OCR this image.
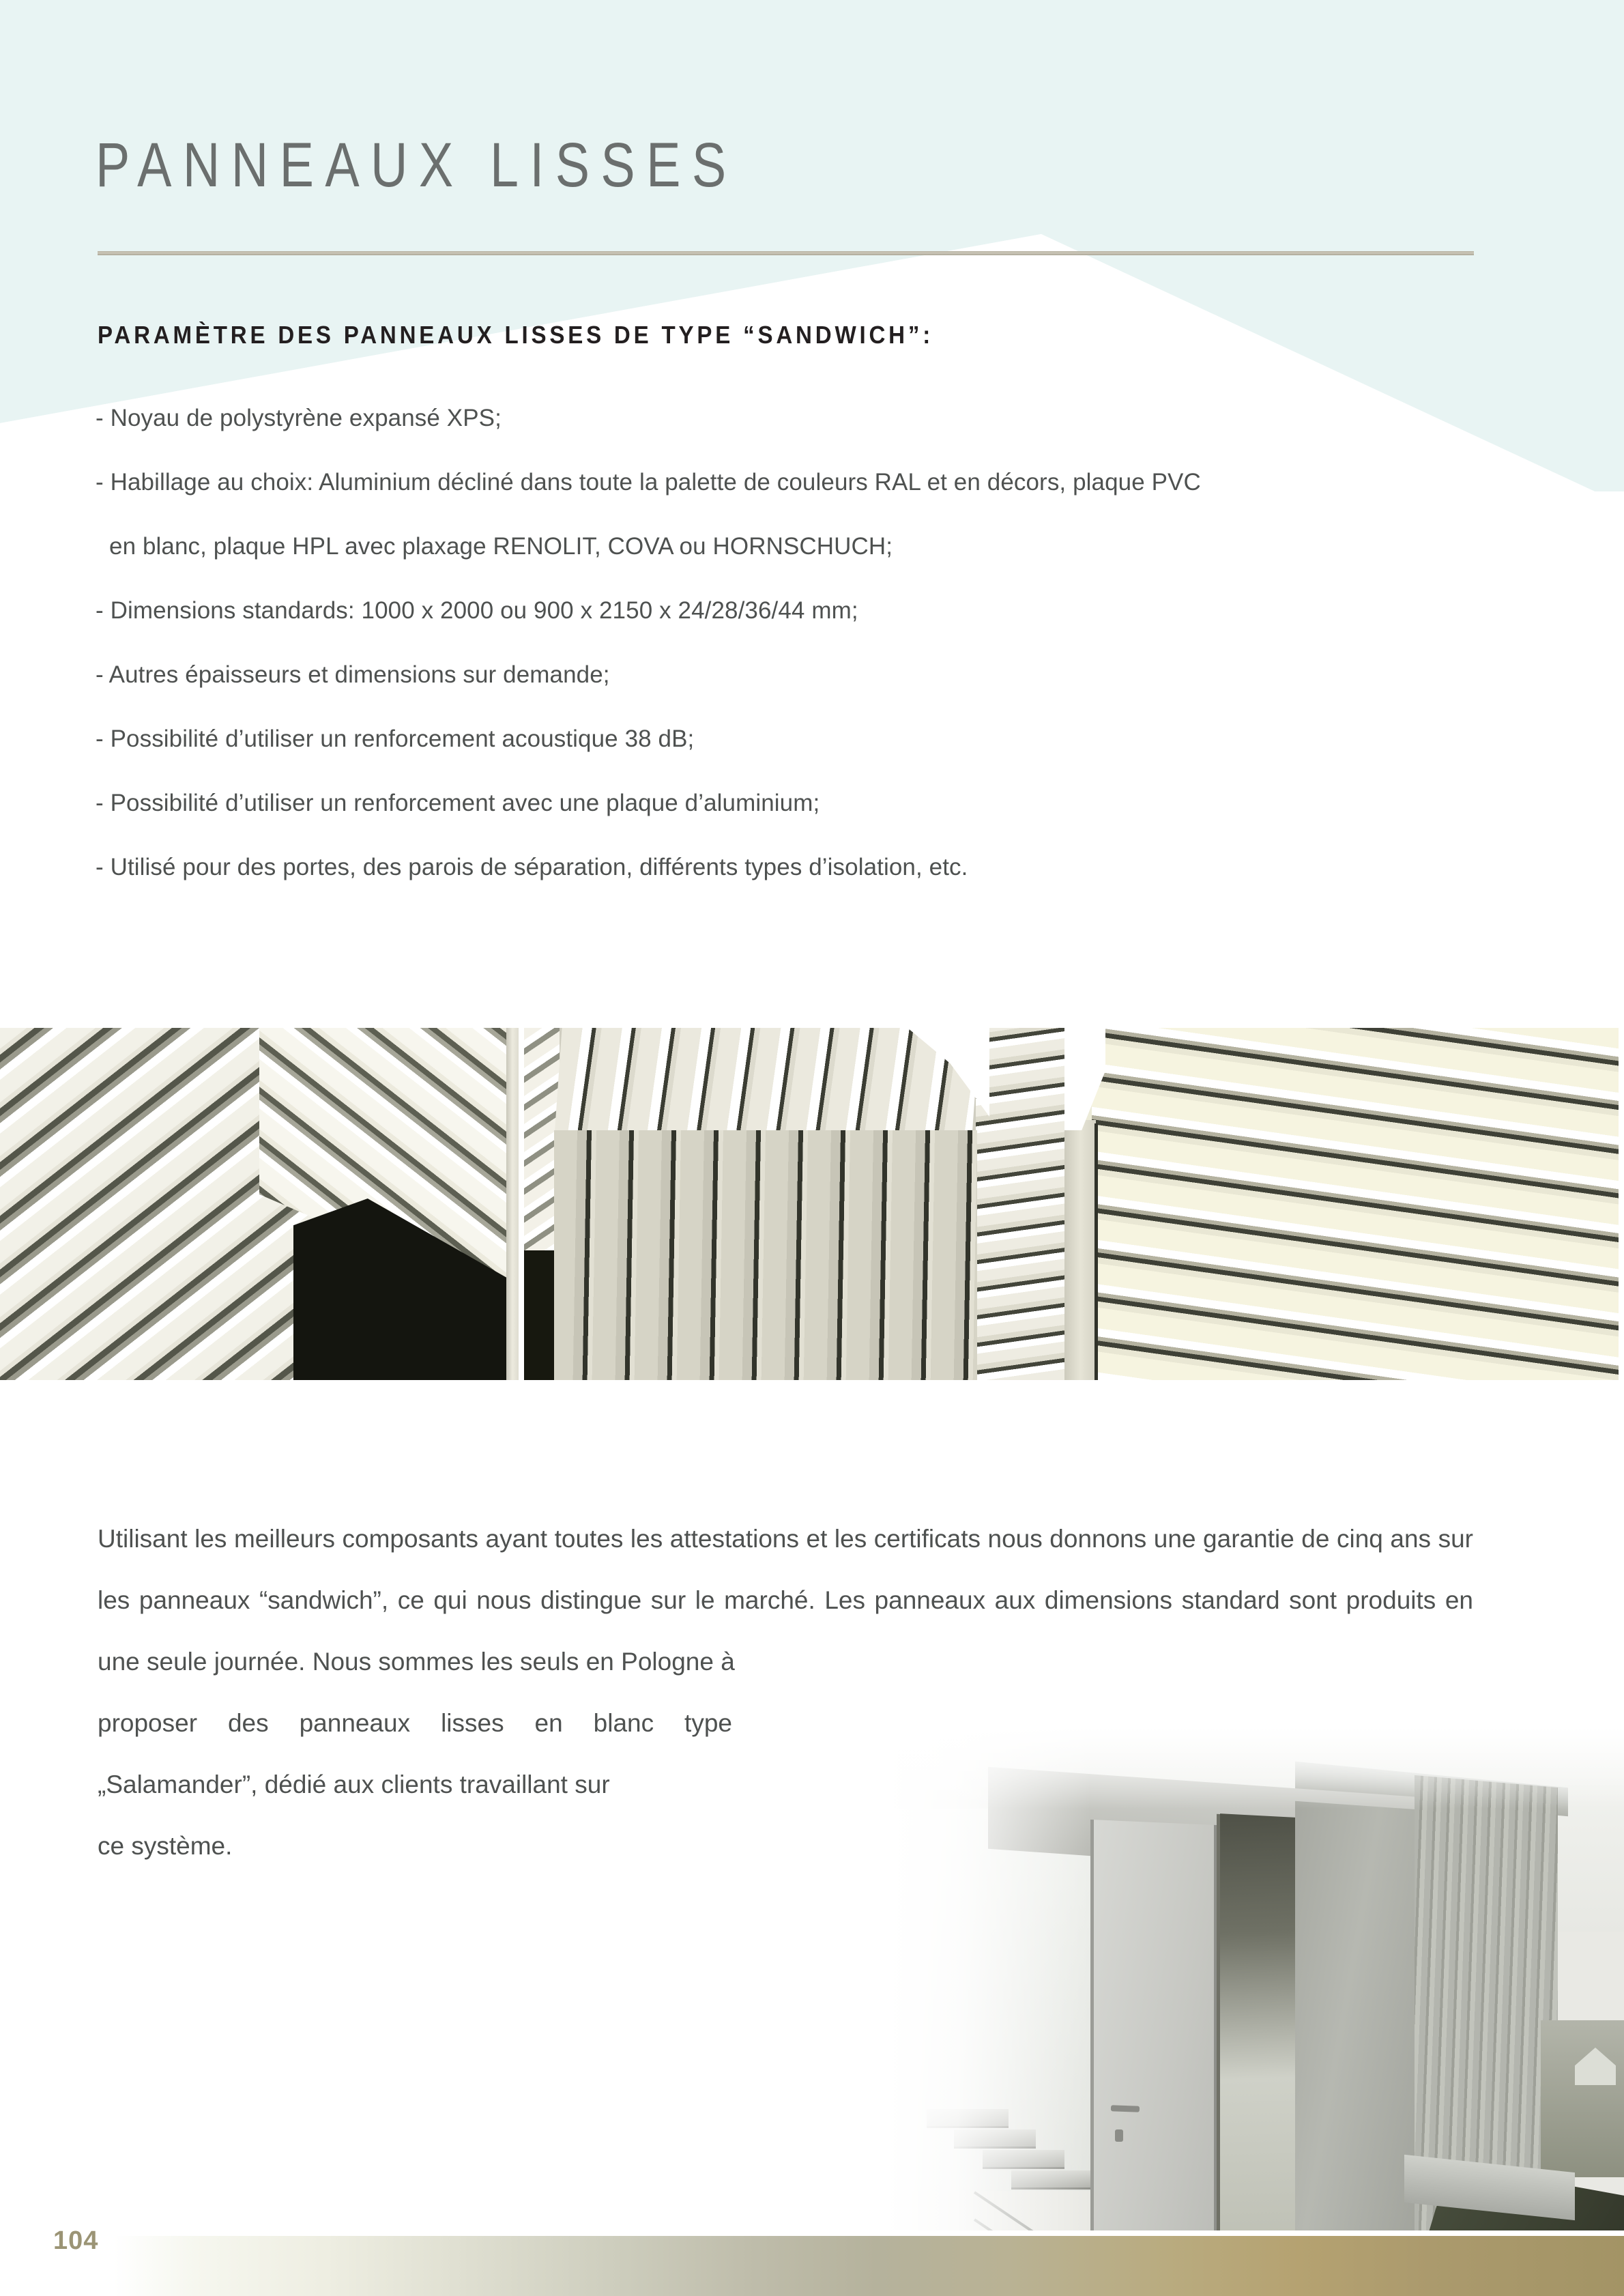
PANNEAUX LISSES
PARAMÈTRE DES PANNEAUX LISSES DE TYPE “SANDWICH”:
- Noyau de polystyrène expansé XPS;
- Habillage au choix: Aluminium décliné dans toute la palette de couleurs RAL et en décors, plaque PVC
en blanc, plaque HPL avec plaxage RENOLIT, COVA ou HORNSCHUCH;
- Dimensions standards: 1000 x 2000 ou 900 x 2150 x 24/28/36/44 mm;
- Autres épaisseurs et dimensions sur demande;
- Possibilité d’utiliser un renforcement acoustique 38 dB;
- Possibilité d’utiliser un renforcement avec une plaque d’aluminium;
- Utilisé pour des portes, des parois de séparation, différents types d’isolation, etc.

Utilisant les meilleurs composants ayant toutes les attestations et les certificats nous donnons une garantie de cinq ans sur les panneaux “sandwich”, ce qui nous distingue sur le marché. Les panneaux aux dimensions standard sont produits en une seule journée. Nous sommes les seuls en Pologne à

proposer des panneaux lisses en blanc type „Salamander”, dédié aux clients travaillant sur

ce système.

104
